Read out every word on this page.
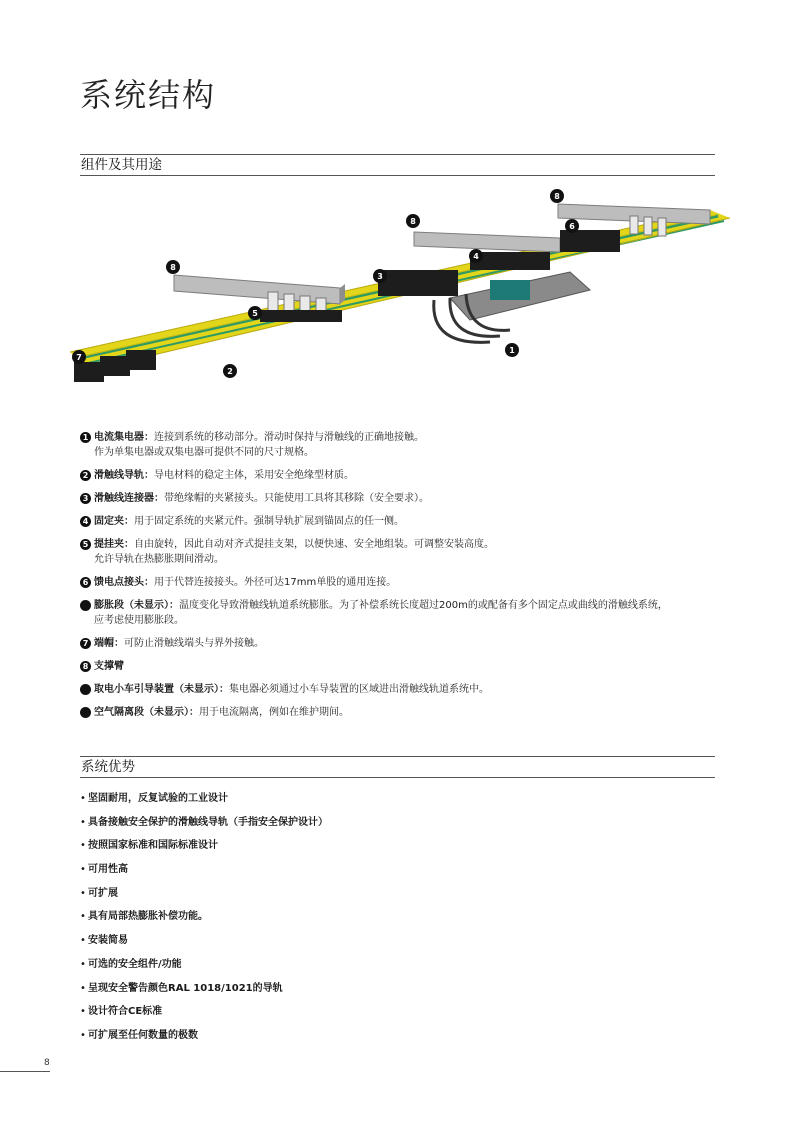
系统结构
组件及其用途
8
8
8
6
4
3
5
2
1
7
1 电流集电器：连接到系统的移动部分。滑动时保持与滑触线的正确地接触。
作为单集电器或双集电器可提供不同的尺寸规格。
2 滑触线导轨：导电材料的稳定主体，采用安全绝缘型材质。
3 滑触线连接器：带绝缘帽的夹紧接头。只能使用工具将其移除（安全要求）。
4 固定夹：用于固定系统的夹紧元件。强制导轨扩展到锚固点的任一侧。
5 提挂夹：自由旋转，因此自动对齐式提挂支架，以便快速、安全地组装。可调整安装高度。
允许导轨在热膨胀期间滑动。
6 馈电点接头：用于代替连接接头。外径可达17mm单股的通用连接。
膨胀段（未显示）：温度变化导致滑触线轨道系统膨胀。为了补偿系统长度超过200m的或配备有多个固定点或曲线的滑触线系统，
应考虑使用膨胀段。
7 端帽：可防止滑触线端头与界外接触。
8 支撑臂
取电小车引导装置（未显示）：集电器必须通过小车导装置的区域进出滑触线轨道系统中。
空气隔离段（未显示）：用于电流隔离，例如在维护期间。
系统优势
• 坚固耐用，反复试验的工业设计
• 具备接触安全保护的滑触线导轨（手指安全保护设计）
• 按照国家标准和国际标准设计
• 可用性高
• 可扩展
• 具有局部热膨胀补偿功能。
• 安装简易
• 可选的安全组件/功能
• 呈现安全警告颜色RAL 1018/1021的导轨
• 设计符合CE标准
• 可扩展至任何数量的极数
8
